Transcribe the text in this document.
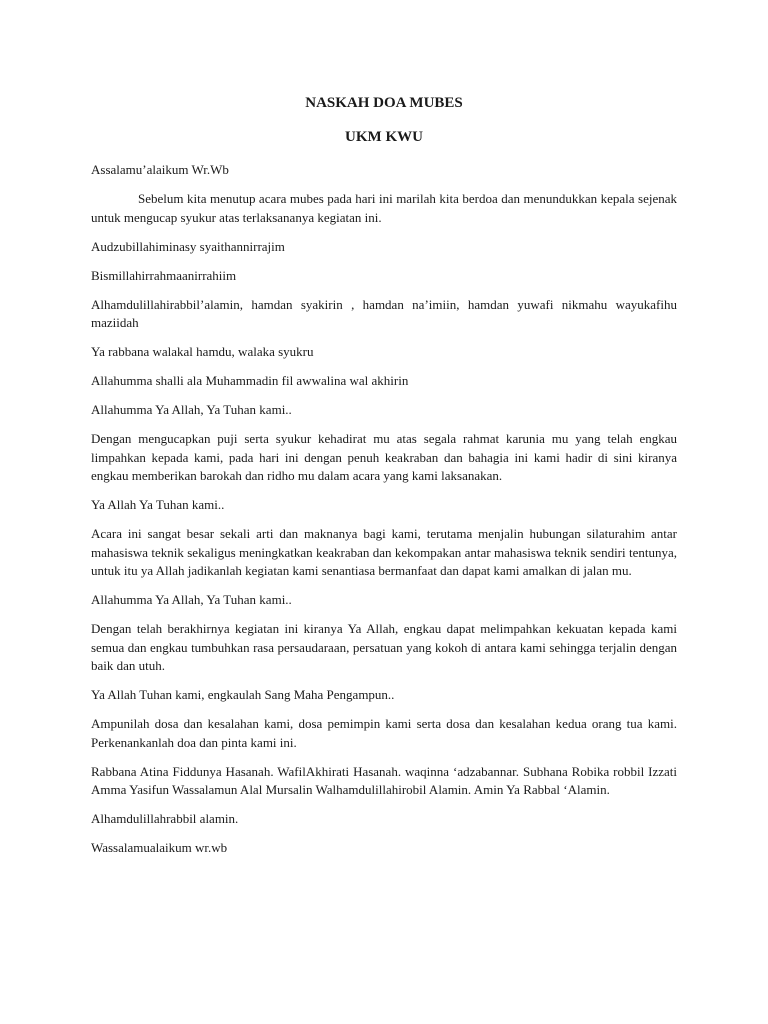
NASKAH DOA MUBES
UKM KWU

Assalamu’alaikum Wr.Wb

Sebelum kita menutup acara mubes pada hari ini marilah kita berdoa dan menundukkan kepala sejenak untuk mengucap syukur atas terlaksananya kegiatan ini.

Audzubillahiminasy syaithannirrajim

Bismillahirrahmaanirrahiim

Alhamdulillahirabbil’alamin, hamdan syakirin , hamdan na’imiin, hamdan yuwafi nikmahu wayukafihu maziidah

Ya rabbana walakal hamdu, walaka syukru

Allahumma shalli ala Muhammadin fil awwalina wal akhirin

Allahumma Ya Allah, Ya Tuhan kami..

Dengan mengucapkan puji serta syukur kehadirat mu atas segala rahmat karunia mu yang telah engkau limpahkan kepada kami, pada hari ini dengan penuh keakraban dan bahagia ini kami hadir di sini kiranya engkau memberikan barokah dan ridho mu dalam acara yang kami laksanakan.

Ya Allah Ya Tuhan kami..

Acara ini sangat besar sekali arti dan maknanya bagi kami, terutama menjalin hubungan silaturahim antar mahasiswa teknik sekaligus meningkatkan keakraban dan kekompakan antar mahasiswa teknik sendiri tentunya, untuk itu ya Allah jadikanlah kegiatan kami senantiasa bermanfaat dan dapat kami amalkan di jalan mu.

Allahumma Ya Allah, Ya Tuhan kami..

Dengan telah berakhirnya kegiatan ini kiranya Ya Allah, engkau dapat melimpahkan kekuatan kepada kami semua dan engkau tumbuhkan rasa persaudaraan, persatuan yang kokoh di antara kami sehingga terjalin dengan baik dan utuh.

Ya Allah Tuhan kami, engkaulah Sang Maha Pengampun..

Ampunilah dosa dan kesalahan kami, dosa pemimpin kami serta dosa dan kesalahan kedua orang tua kami. Perkenankanlah doa dan pinta kami ini.

Rabbana Atina Fiddunya Hasanah. WafilAkhirati Hasanah. waqinna ‘adzabannar. Subhana Robika robbil Izzati Amma Yasifun Wassalamun Alal Mursalin Walhamdulillahirobil Alamin. Amin Ya Rabbal ‘Alamin.

Alhamdulillahrabbil alamin.

Wassalamualaikum wr.wb
